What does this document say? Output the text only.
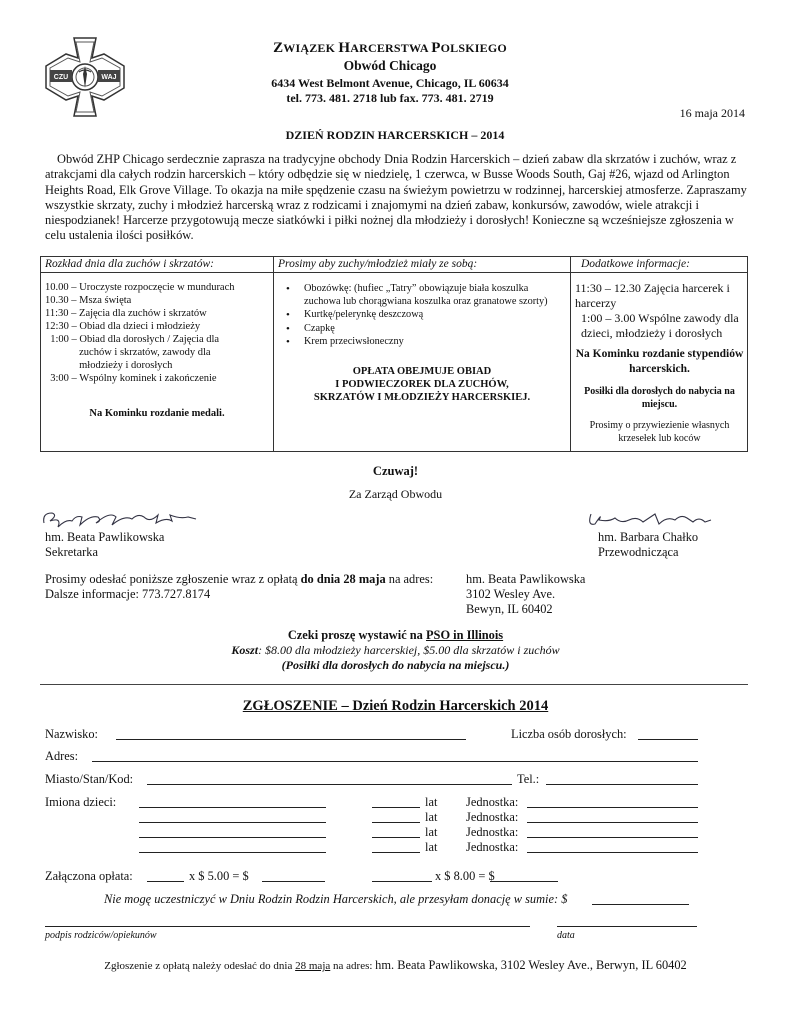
CZU	WAJ
ZWIĄZEK HARCERSTWA POLSKIEGO
Obwód Chicago
6434 West Belmont Avenue, Chicago, IL 60634
tel. 773. 481. 2718 lub fax. 773. 481. 2719
16 maja 2014
DZIEŃ RODZIN HARCERSKICH – 2014
Obwód ZHP Chicago serdecznie zaprasza na tradycyjne obchody Dnia Rodzin Harcerskich – dzień zabaw dla skrzatów i zuchów, wraz z atrakcjami dla całych rodzin harcerskich – który odbędzie się w niedzielę, 1 czerwca, w Busse Woods South, Gaj #26, wjazd od Arlington Heights Road, Elk Grove Village. To okazja na miłe spędzenie czasu na świeżym powietrzu w rodzinnej, harcerskiej atmosferze. Zapraszamy wszystkie skrzaty, zuchy i młodzież harcerską wraz z rodzicami i znajomymi na dzień zabaw, konkursów, zawodów, wiele atrakcji i niespodzianek! Harcerze przygotowują mecze siatkówki i piłki nożnej dla młodzieży i dorosłych! Konieczne są wcześniejsze zgłoszenia w celu ustalenia ilości posiłków.
Rozkład dnia dla zuchów i skrzatów:
10.00 – Uroczyste rozpoczęcie w mundurach
10.30 – Msza święta
11:30 – Zajęcia dla zuchów i skrzatów
12:30 – Obiad dla dzieci i młodzieży
1:00 – Obiad dla dorosłych / Zajęcia dla
zuchów i skrzatów, zawody dla
młodzieży i dorosłych
3:00 – Wspólny kominek i zakończenie
Na Kominku rozdanie medali.
Prosimy aby zuchy/młodzież miały ze sobą:
• Obozówkę: (hufiec „Tatry” obowiązuje biała koszulka zuchowa lub chorągwiana koszulka oraz granatowe szorty)
• Kurtkę/pelerynkę deszczową
• Czapkę
• Krem przeciwsłoneczny
OPŁATA OBEJMUJE OBIAD
I PODWIECZOREK DLA ZUCHÓW,
SKRZATÓW I MŁODZIEŻY HARCERSKIEJ.
Dodatkowe informacje:
11:30 – 12.30 Zajęcia harcerek i harcerzy
1:00 – 3.00 Wspólne zawody dla dzieci, młodzieży i dorosłych
Na Kominku rozdanie stypendiów harcerskich.
Posiłki dla dorosłych do nabycia na miejscu.
Prosimy o przywiezienie własnych krzesełek lub koców
Czuwaj!
Za Zarząd Obwodu
hm. Beata Pawlikowska
Sekretarka
hm. Barbara Chałko
Przewodnicząca
Prosimy odesłać poniższe zgłoszenie wraz z opłatą do dnia 28 maja na adres:
Dalsze informacje: 773.727.8174
hm. Beata Pawlikowska
3102 Wesley Ave.
Bewyn, IL 60402
Czeki proszę wystawić na PSO in Illinois
Koszt: $8.00 dla młodzieży harcerskiej, $5.00 dla skrzatów i zuchów
(Posiłki dla dorosłych do nabycia na miejscu.)
ZGŁOSZENIE – Dzień Rodzin Harcerskich 2014
Nazwisko:	Liczba osób dorosłych:
Adres:
Miasto/Stan/Kod:	Tel.:
Imiona dzieci:	lat Jednostka:
lat Jednostka:
lat Jednostka:
lat Jednostka:
Załączona opłata:	x $ 5.00 = $	x $ 8.00 = $
Nie mogę uczestniczyć w Dniu Rodzin Rodzin Harcerskich, ale przesyłam donację w sumie: $
podpis rodziców/opiekunów	data
Zgłoszenie z opłatą należy odesłać do dnia 28 maja na adres: hm. Beata Pawlikowska, 3102 Wesley Ave., Berwyn, IL 60402
